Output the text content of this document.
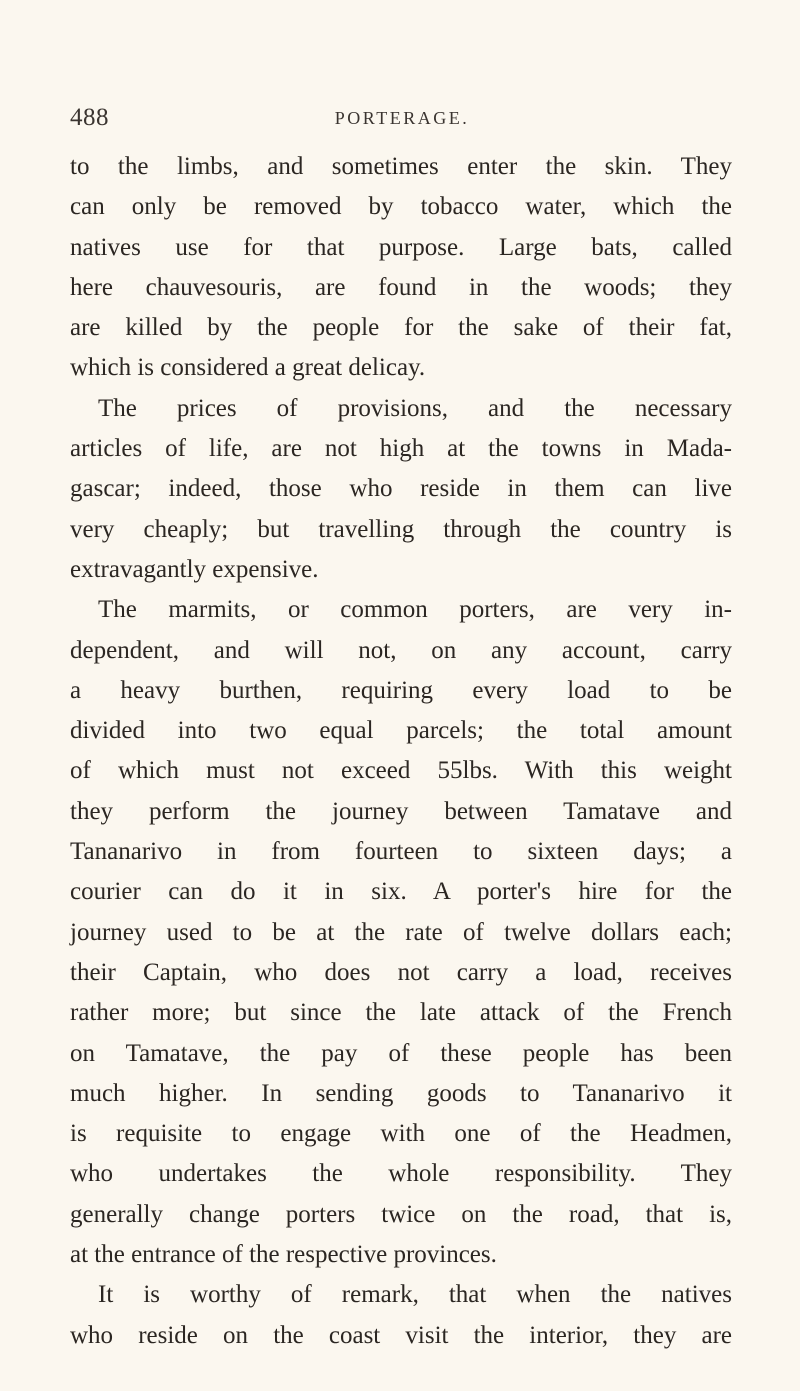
488	PORTERAGE.
to the limbs, and sometimes enter the skin. They
can only be removed by tobacco water, which the
natives use for that purpose. Large bats, called
here chauvesouris, are found in the woods; they
are killed by the people for the sake of their fat,
which is considered a great delicay.
The prices of provisions, and the necessary
articles of life, are not high at the towns in Mada-
gascar; indeed, those who reside in them can live
very cheaply; but travelling through the country is
extravagantly expensive.
The marmits, or common porters, are very in-
dependent, and will not, on any account, carry
a heavy burthen, requiring every load to be
divided into two equal parcels; the total amount
of which must not exceed 55lbs. With this weight
they perform the journey between Tamatave and
Tananarivo in from fourteen to sixteen days; a
courier can do it in six. A porter's hire for the
journey used to be at the rate of twelve dollars each;
their Captain, who does not carry a load, receives
rather more; but since the late attack of the French
on Tamatave, the pay of these people has been
much higher. In sending goods to Tananarivo it
is requisite to engage with one of the Headmen,
who undertakes the whole responsibility. They
generally change porters twice on the road, that is,
at the entrance of the respective provinces.
It is worthy of remark, that when the natives
who reside on the coast visit the interior, they are
